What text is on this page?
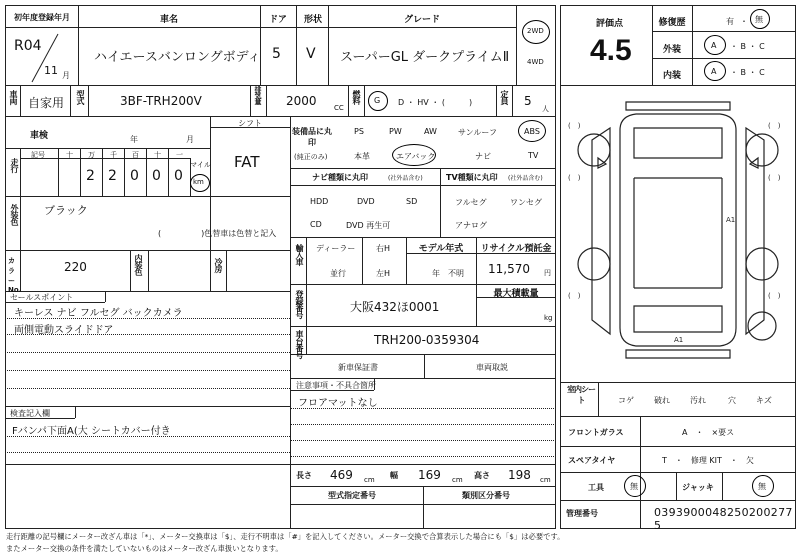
初年度登録年月
R04
11 月
車名
ハイエースバンロングボディ
ドア
5
形状
V
グレード
スーパーGL ダークプライムⅡ
2WD
4WD
車両 自家用 型式	3BF-TRH200V	排気量 2000 CC
燃料 G D ・ HV ・ (　　　)	定員 5
人
車検	年	月
走行
記号	十 万 千 百 十 一
2 2 0 0 0
マイル
km
シフト
FAT
外装色 ブラック
(　　　　　)色替車は色替と記入
カラーNo.
220	内装色	冷房
装備品に丸印
(純正のみ)
PS	PW	AW	サンルーフ	ABS
本革	エアバック	ナビ	TV
ナビ種類に丸印	(社外品含む)
HDD	DVD	SD
CD	DVD 再生可
TV種類に丸印 (社外品含む)
フルセグ	ワンセグ
アナログ
輸入車 ディーラー
並行
右H
左H
モデル年式
年　不明
リサイクル預託金
11,570 円
登録番号	大阪432ほ0001
最大積載量
kg
車台番号	TRH200-0359304
新車保証書	車両取説
セールスポイント
キーレス ナビ フルセグ バックカメラ
両側電動スライドドア
検査記入欄
Fバンパ下面A(大 シートカバー付き
注意事項・不具合箇所
フロアマットなし
長さ 469 cm 幅 169 cm 高さ 198 cm
型式指定番号	類別区分番号
評価点
4.5
修復歴	有 ・ 無
外装	A ・ B ・ C
内装	A ・ B ・ C
(　)	(　)
(　)	(　)
(　)	(　)
A1
A1
室内シート	コゲ	破れ	汚れ	穴	キズ
フロントガラス	A　・　×要ス
スペアタイヤ	T　・　修理 KIT　・　欠
工具	無	ジャッキ	無
管理番号	0393900048250200277 5
走行距離の記号欄にメーター改ざん車は「*」、メーター交換車は「$」、走行不明車は「#」を記入してください。メーター交換で合算表示した場合にも「$」は必要です。
またメーター交換の条件を満たしていないものはメーター改ざん車扱いとなります。
